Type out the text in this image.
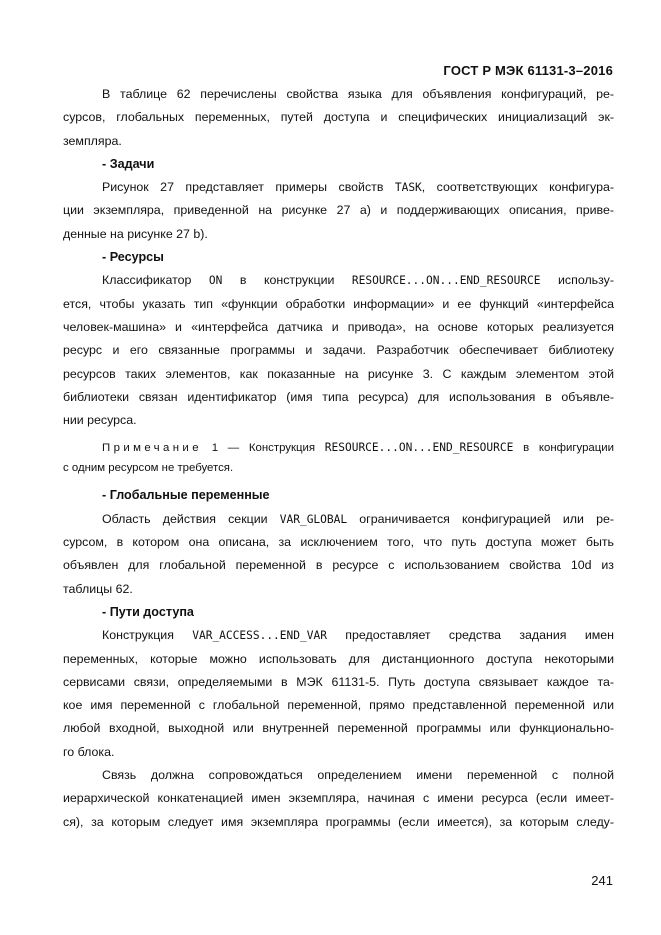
ГОСТ Р МЭК 61131-3–2016
В таблице 62 перечислены свойства языка для объявления конфигураций, ре-
сурсов, глобальных переменных, путей доступа и специфических инициализаций эк-
земпляра.
- Задачи
Рисунок 27 представляет примеры свойств TASK, соответствующих конфигура-
ции экземпляра, приведенной на рисунке 27 а) и поддерживающих описания, приве-
денные на рисунке 27 b).
- Ресурсы
Классификатор ON в конструкции RESOURCE...ON...END_RESOURCE использу-
ется, чтобы указать тип «функции обработки информации» и ее функций «интерфейса
человек-машина» и «интерфейса датчика и привода», на основе которых реализуется
ресурс и его связанные программы и задачи. Разработчик обеспечивает библиотеку
ресурсов таких элементов, как показанные на рисунке 3. С каждым элементом этой
библиотеки связан идентификатор (имя типа ресурса) для использования в объявле-
нии ресурса.
Примечание 1 — Конструкция RESOURCE...ON...END_RESOURCE в конфигурации
с одним ресурсом не требуется.
- Глобальные переменные
Область действия секции VAR_GLOBAL ограничивается конфигурацией или ре-
сурсом, в котором она описана, за исключением того, что путь доступа может быть
объявлен для глобальной переменной в ресурсе с использованием свойства 10d из
таблицы 62.
- Пути доступа
Конструкция VAR_ACCESS...END_VAR предоставляет средства задания имен
переменных, которые можно использовать для дистанционного доступа некоторыми
сервисами связи, определяемыми в МЭК 61131-5. Путь доступа связывает каждое та-
кое имя переменной с глобальной переменной, прямо представленной переменной или
любой входной, выходной или внутренней переменной программы или функционально-
го блока.
Связь должна сопровождаться определением имени переменной с полной
иерархической конкатенацией имен экземпляра, начиная с имени ресурса (если имеет-
ся), за которым следует имя экземпляра программы (если имеется), за которым следу-
241
